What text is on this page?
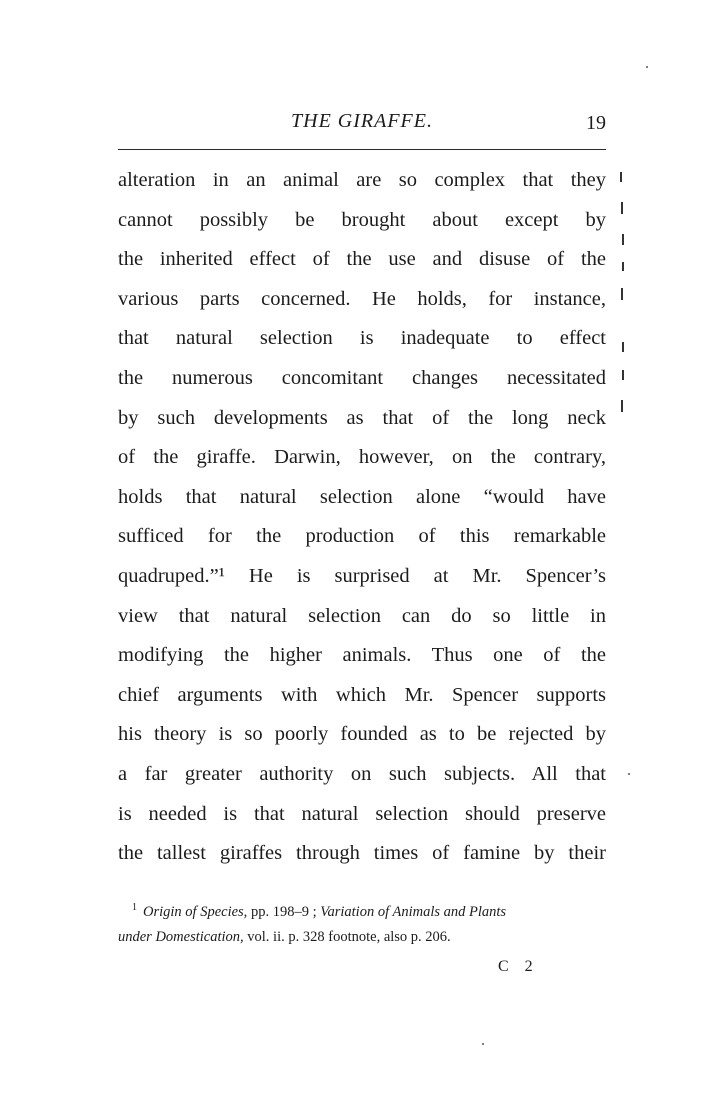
THE GIRAFFE.	19
alteration in an animal are so complex that they
cannot possibly be brought about except by
the inherited effect of the use and disuse of the
various parts concerned. He holds, for instance,
that natural selection is inadequate to effect
the numerous concomitant changes necessitated
by such developments as that of the long neck
of the giraffe. Darwin, however, on the contrary,
holds that natural selection alone “would have
sufficed for the production of this remarkable
quadruped.”¹ He is surprised at Mr. Spencer’s
view that natural selection can do so little in
modifying the higher animals. Thus one of the
chief arguments with which Mr. Spencer supports
his theory is so poorly founded as to be rejected by
a far greater authority on such subjects. All that
is needed is that natural selection should preserve
the tallest giraffes through times of famine by their
$^1$ Origin of Species, pp. 198–9 ; Variation of Animals and Plants
under Domestication, vol. ii. p. 328 footnote, also p. 206.
C 2
